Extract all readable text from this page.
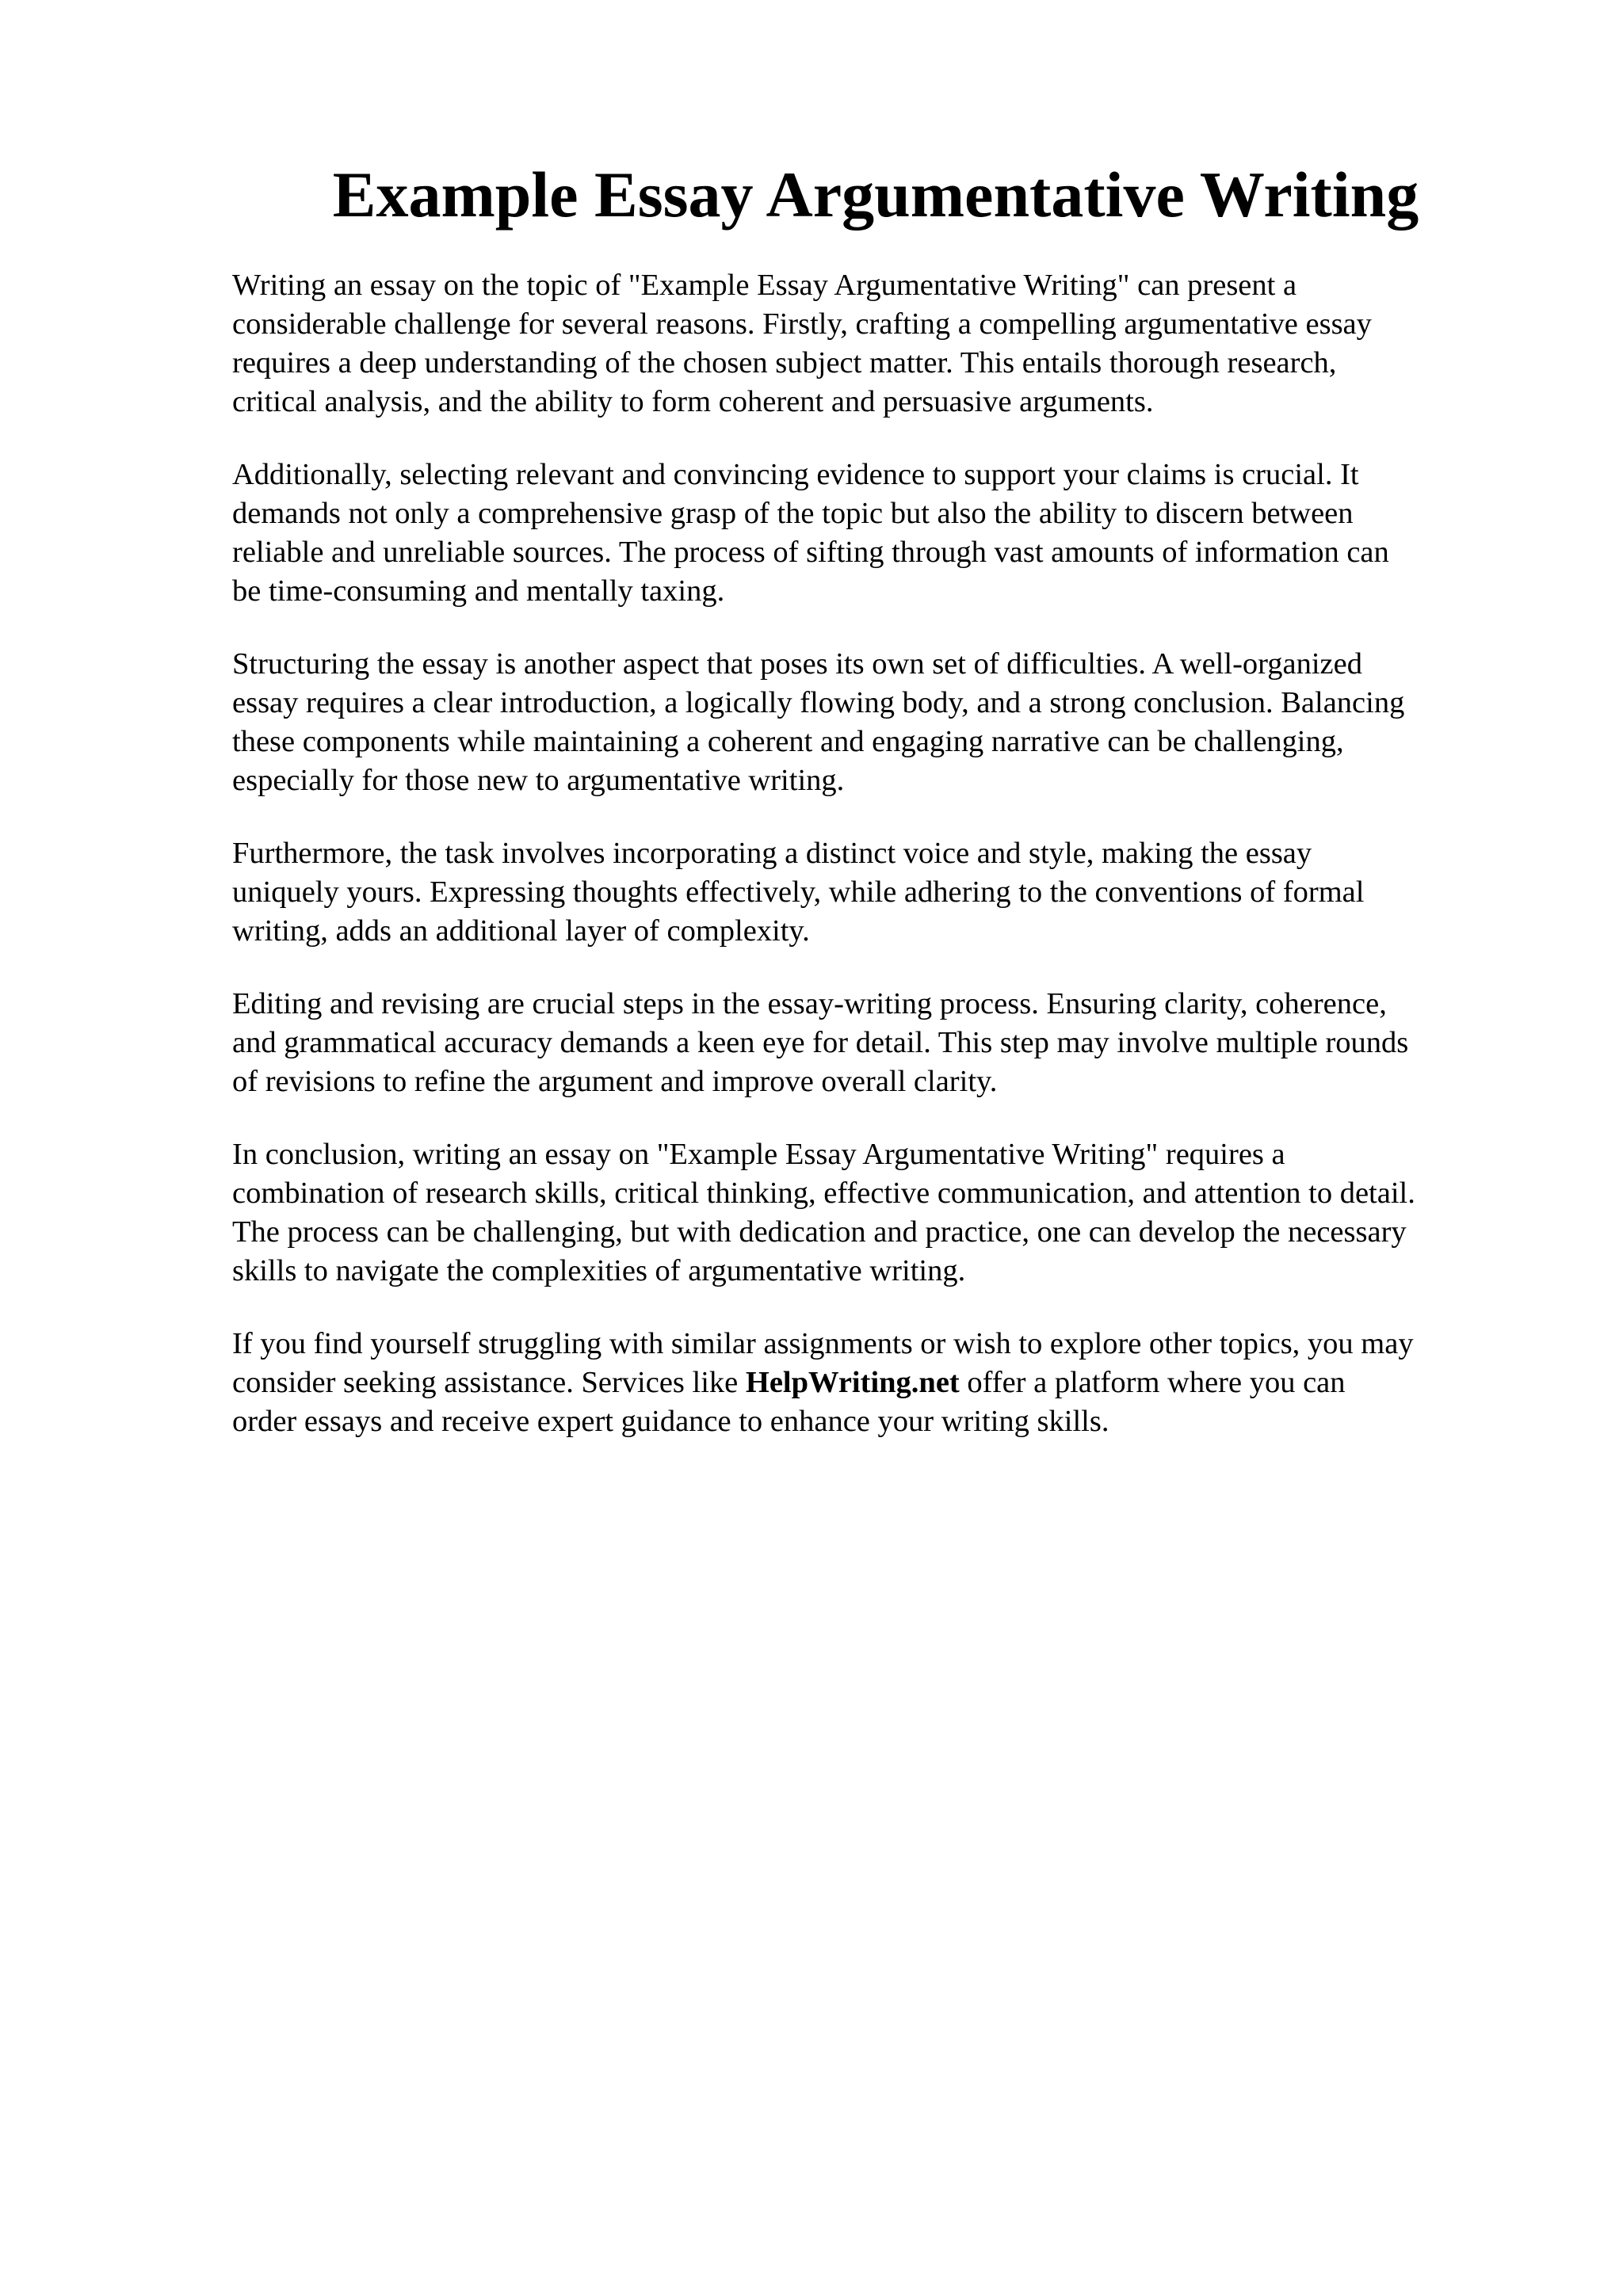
Example Essay Argumentative Writing

Writing an essay on the topic of "Example Essay Argumentative Writing" can present a
considerable challenge for several reasons. Firstly, crafting a compelling argumentative essay
requires a deep understanding of the chosen subject matter. This entails thorough research,
critical analysis, and the ability to form coherent and persuasive arguments.

Additionally, selecting relevant and convincing evidence to support your claims is crucial. It
demands not only a comprehensive grasp of the topic but also the ability to discern between
reliable and unreliable sources. The process of sifting through vast amounts of information can
be time-consuming and mentally taxing.

Structuring the essay is another aspect that poses its own set of difficulties. A well-organized
essay requires a clear introduction, a logically flowing body, and a strong conclusion. Balancing
these components while maintaining a coherent and engaging narrative can be challenging,
especially for those new to argumentative writing.

Furthermore, the task involves incorporating a distinct voice and style, making the essay
uniquely yours. Expressing thoughts effectively, while adhering to the conventions of formal
writing, adds an additional layer of complexity.

Editing and revising are crucial steps in the essay-writing process. Ensuring clarity, coherence,
and grammatical accuracy demands a keen eye for detail. This step may involve multiple rounds
of revisions to refine the argument and improve overall clarity.

In conclusion, writing an essay on "Example Essay Argumentative Writing" requires a
combination of research skills, critical thinking, effective communication, and attention to detail.
The process can be challenging, but with dedication and practice, one can develop the necessary
skills to navigate the complexities of argumentative writing.

If you find yourself struggling with similar assignments or wish to explore other topics, you may
consider seeking assistance. Services like HelpWriting.net offer a platform where you can
order essays and receive expert guidance to enhance your writing skills.
